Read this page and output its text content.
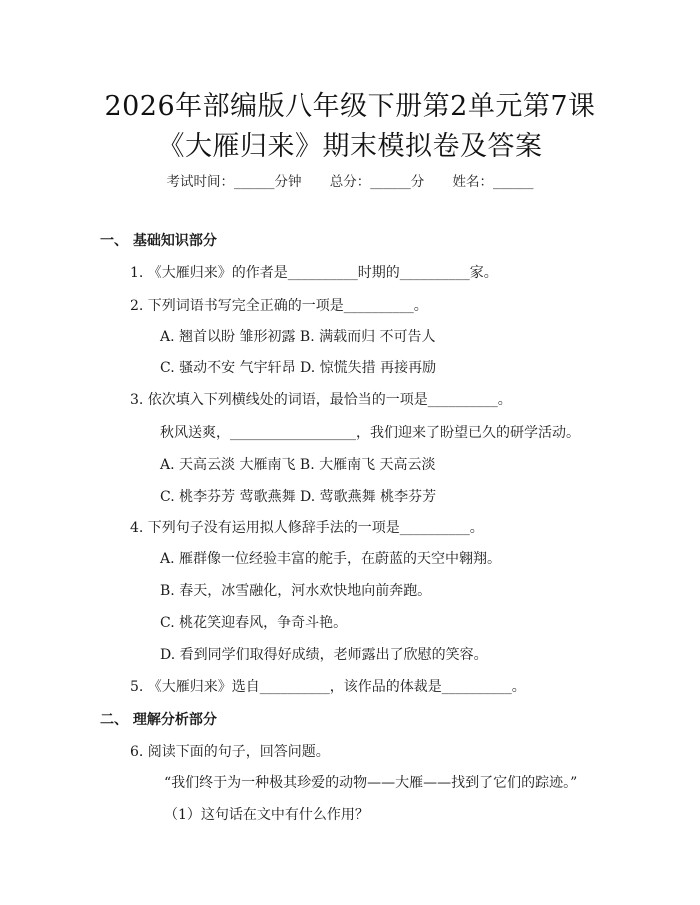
2026年部编版八年级下册第2单元第7课
《大雁归来》期末模拟卷及答案
考试时间：______分钟 总分：______分 姓名：______
一、 基础知识部分
1. 《大雁归来》的作者是__________时期的__________家。
2. 下列词语书写完全正确的一项是__________。
A. 翘首以盼 雏形初露 B. 满载而归 不可告人
C. 骚动不安 气宇轩昂 D. 惊慌失措 再接再励
3. 依次填入下列横线处的词语，最恰当的一项是__________。
秋风送爽，__________________，我们迎来了盼望已久的研学活动。
A. 天高云淡 大雁南飞 B. 大雁南飞 天高云淡
C. 桃李芬芳 莺歌燕舞 D. 莺歌燕舞 桃李芬芳
4. 下列句子没有运用拟人修辞手法的一项是__________。
A. 雁群像一位经验丰富的舵手，在蔚蓝的天空中翱翔。
B. 春天，冰雪融化，河水欢快地向前奔跑。
C. 桃花笑迎春风，争奇斗艳。
D. 看到同学们取得好成绩，老师露出了欣慰的笑容。
5. 《大雁归来》选自__________，该作品的体裁是__________。
二、 理解分析部分
6. 阅读下面的句子，回答问题。
“我们终于为一种极其珍爱的动物——大雁——找到了它们的踪迹。”
（1）这句话在文中有什么作用？
